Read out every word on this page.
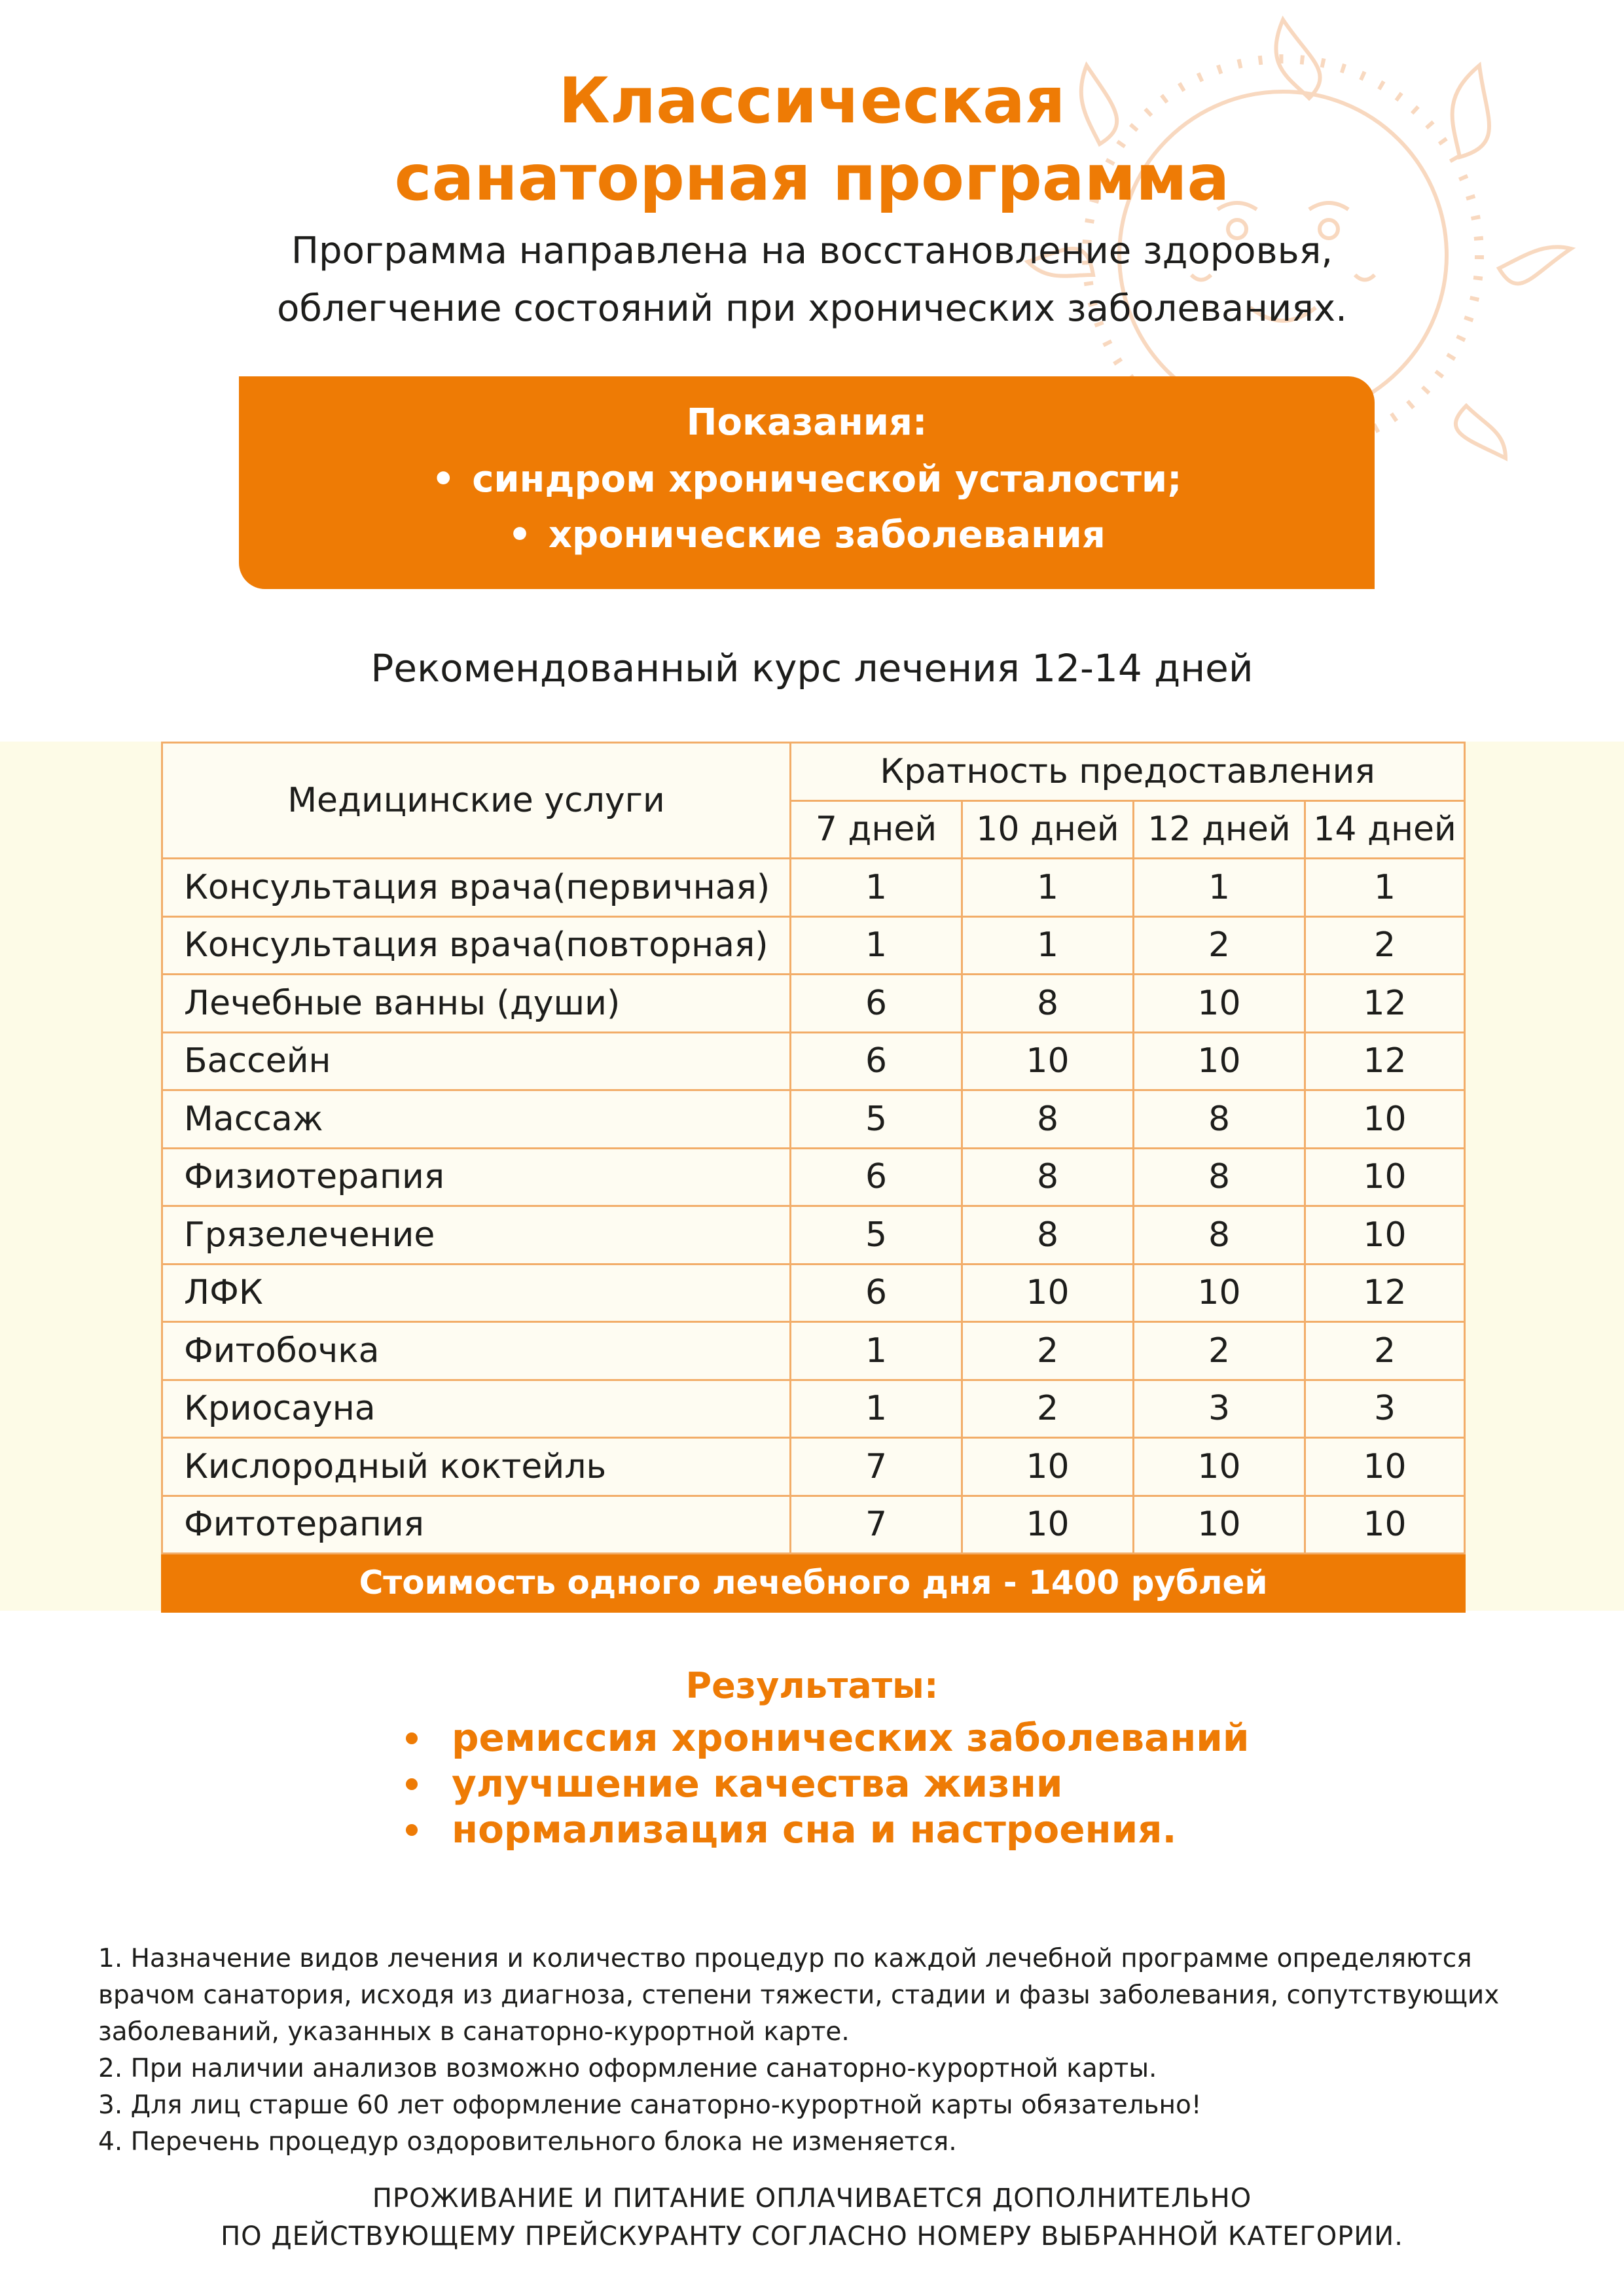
Классическая
санаторная программа
Программа направлена на восстановление здоровья,
облегчение состояний при хронических заболеваниях.
Показания:
• синдром хронической усталости;
• хронические заболевания
Рекомендованный курс лечения 12-14 дней
Медицинские услуги	Кратность предоставления			
	7 дней	10 дней	12 дней	14 дней
Консультация врача(первичная)	1	1	1	1
Консультация врача(повторная)	1	1	2	2
Лечебные ванны (души)	6	8	10	12
Бассейн	6	10	10	12
Массаж	5	8	8	10
Физиотерапия	6	8	8	10
Грязелечение	5	8	8	10
ЛФК	6	10	10	12
Фитобочка	1	2	2	2
Криосауна	1	2	3	3
Кислородный коктейль	7	10	10	10
Фитотерапия	7	10	10	10
Стоимость одного лечебного дня - 1400 рублей				
Результаты:
ремиссия хронических заболеваний
улучшение качества жизни
нормализация сна и настроения.
1. Назначение видов лечения и количество процедур по каждой лечебной программе определяются врачом санатория, исходя из диагноза, степени тяжести, стадии и фазы заболевания, сопутствующих заболеваний, указанных в санаторно-курортной карте.
2. При наличии анализов возможно оформление санаторно-курортной карты.
3. Для лиц старше 60 лет оформление санаторно-курортной карты обязательно!
4. Перечень процедур оздоровительного блока не изменяется.
ПРОЖИВАНИЕ И ПИТАНИЕ ОПЛАЧИВАЕТСЯ ДОПОЛНИТЕЛЬНО
ПО ДЕЙСТВУЮЩЕМУ ПРЕЙСКУРАНТУ СОГЛАСНО НОМЕРУ ВЫБРАННОЙ КАТЕГОРИИ.
